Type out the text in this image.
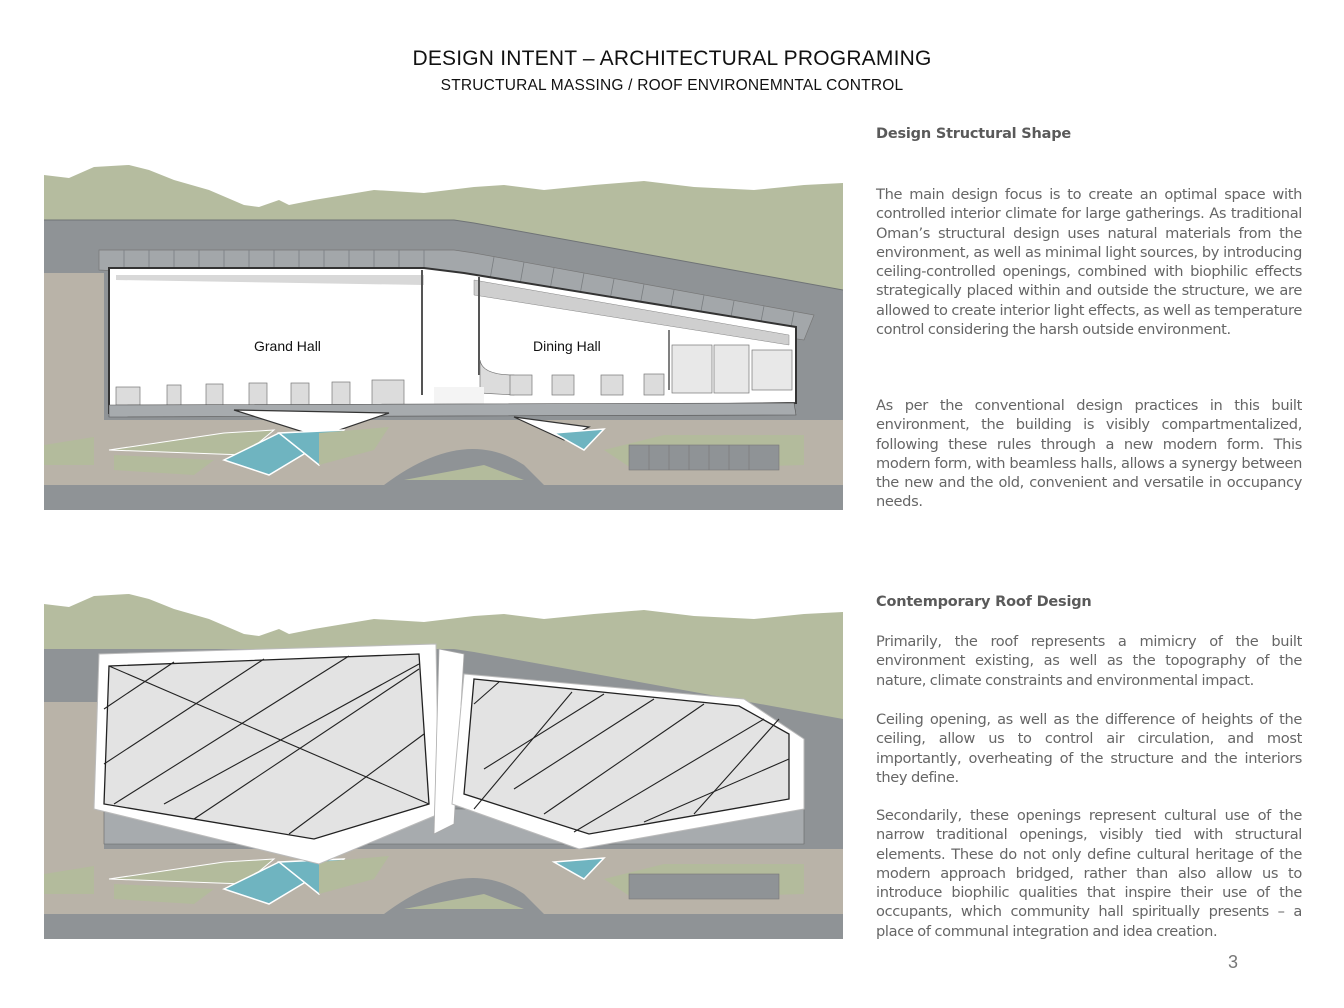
DESIGN INTENT – ARCHITECTURAL PROGRAMING
STRUCTURAL MASSING / ROOF ENVIRONEMNTAL CONTROL
Grand Hall	Dining Hall
Design Structural Shape

The main design focus is to create an optimal space with controlled interior climate for large gatherings. As traditional Oman’s structural design uses natural materials from the environment, as well as minimal light sources, by introducing ceiling-controlled openings, combined with biophilic effects strategically placed within and outside the structure, we are allowed to create interior light effects, as well as temperature control considering the harsh outside environment.

As per the conventional design practices in this built environment, the building is visibly compartmentalized, following these rules through a new modern form. This modern form, with beamless halls, allows a synergy between the new and the old, convenient and versatile in occupancy needs.

Contemporary Roof Design

Primarily, the roof represents a mimicry of the built environment existing, as well as the topography of the nature, climate constraints and environmental impact.

Ceiling opening, as well as the difference of heights of the ceiling, allow us to control air circulation, and most importantly, overheating of the structure and the interiors they define.

Secondarily, these openings represent cultural use of the narrow traditional openings, visibly tied with structural elements. These do not only define cultural heritage of the modern approach bridged, rather than also allow us to introduce biophilic qualities that inspire their use of the occupants, which community hall spiritually presents – a place of communal integration and idea creation.

3
